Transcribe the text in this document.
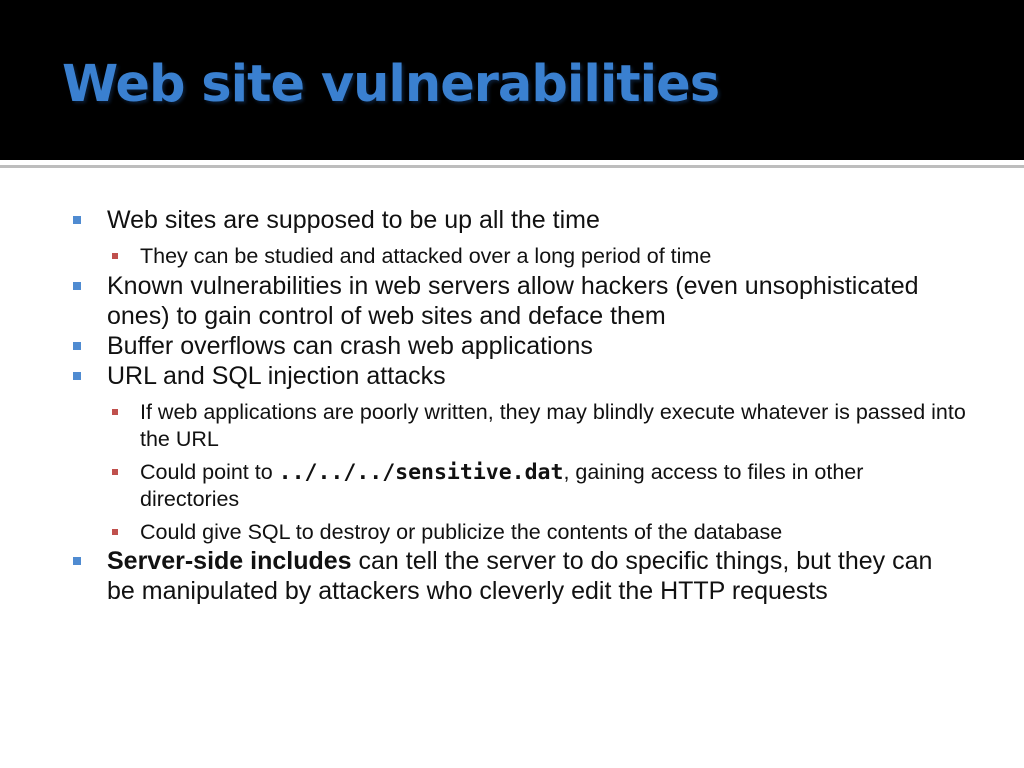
Web site vulnerabilities
Web sites are supposed to be up all the time
They can be studied and attacked over a long period of time
Known vulnerabilities in web servers allow hackers (even unsophisticated ones) to gain control of web sites and deface them
Buffer overflows can crash web applications
URL and SQL injection attacks
If web applications are poorly written, they may blindly execute whatever is passed into the URL
Could point to ../../../sensitive.dat, gaining access to files in other directories
Could give SQL to destroy or publicize the contents of the database
Server-side includes can tell the server to do specific things, but they can be manipulated by attackers who cleverly edit the HTTP requests
